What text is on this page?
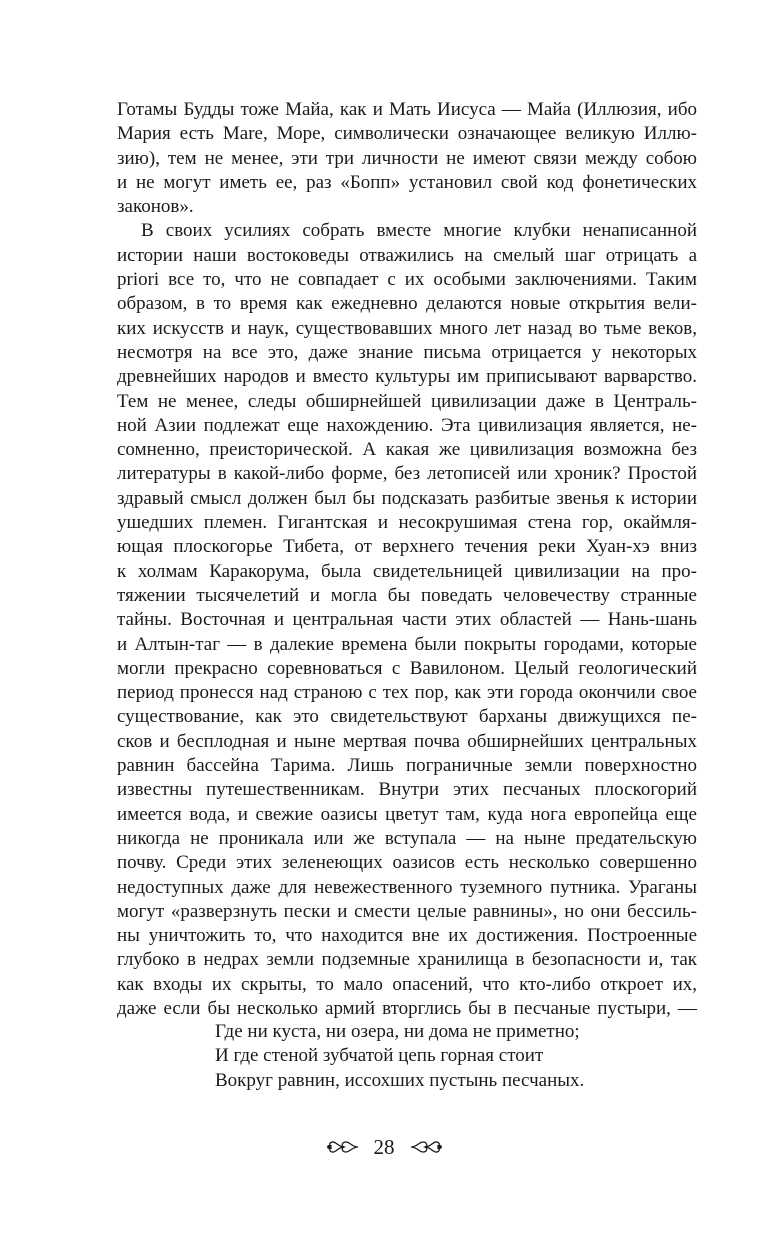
Готамы Будды тоже Майа, как и Мать Иисуса — Майа (Иллюзия, ибо
Мария есть Mare, Море, символически означающее великую Иллю-
зию), тем не менее, эти три личности не имеют связи между собою
и не могут иметь ее, раз «Бопп» установил свой код фонетических
законов».
В своих усилиях собрать вместе многие клубки ненаписанной
истории наши востоковеды отважились на смелый шаг отрицать a
priori все то, что не совпадает с их особыми заключениями. Таким
образом, в то время как ежедневно делаются новые открытия вели-
ких искусств и наук, существовавших много лет назад во тьме веков,
несмотря на все это, даже знание письма отрицается у некоторых
древнейших народов и вместо культуры им приписывают варварство.
Тем не менее, следы обширнейшей цивилизации даже в Централь-
ной Азии подлежат еще нахождению. Эта цивилизация является, не-
сомненно, преисторической. А какая же цивилизация возможна без
литературы в какой-либо форме, без летописей или хроник? Простой
здравый смысл должен был бы подсказать разбитые звенья к истории
ушедших племен. Гигантская и несокрушимая стена гор, окаймля-
ющая плоскогорье Тибета, от верхнего течения реки Хуан-хэ вниз
к холмам Каракорума, была свидетельницей цивилизации на про-
тяжении тысячелетий и могла бы поведать человечеству странные
тайны. Восточная и центральная части этих областей — Нань-шань
и Алтын-таг — в далекие времена были покрыты городами, которые
могли прекрасно соревноваться с Вавилоном. Целый геологический
период пронесся над страною с тех пор, как эти города окончили свое
существование, как это свидетельствуют барханы движущихся пе-
сков и бесплодная и ныне мертвая почва обширнейших центральных
равнин бассейна Тарима. Лишь пограничные земли поверхностно
известны путешественникам. Внутри этих песчаных плоскогорий
имеется вода, и свежие оазисы цветут там, куда нога европейца еще
никогда не проникала или же вступала — на ныне предательскую
почву. Среди этих зеленеющих оазисов есть несколько совершенно
недоступных даже для невежественного туземного путника. Ураганы
могут «разверзнуть пески и смести целые равнины», но они бессиль-
ны уничтожить то, что находится вне их достижения. Построенные
глубоко в недрах земли подземные хранилища в безопасности и, так
как входы их скрыты, то мало опасений, что кто-либо откроет их,
даже если бы несколько армий вторглись бы в песчаные пустыри, —
Где ни куста, ни озера, ни дома не приметно;
И где стеной зубчатой цепь горная стоит
Вокруг равнин, иссохших пустынь песчаных.
28
